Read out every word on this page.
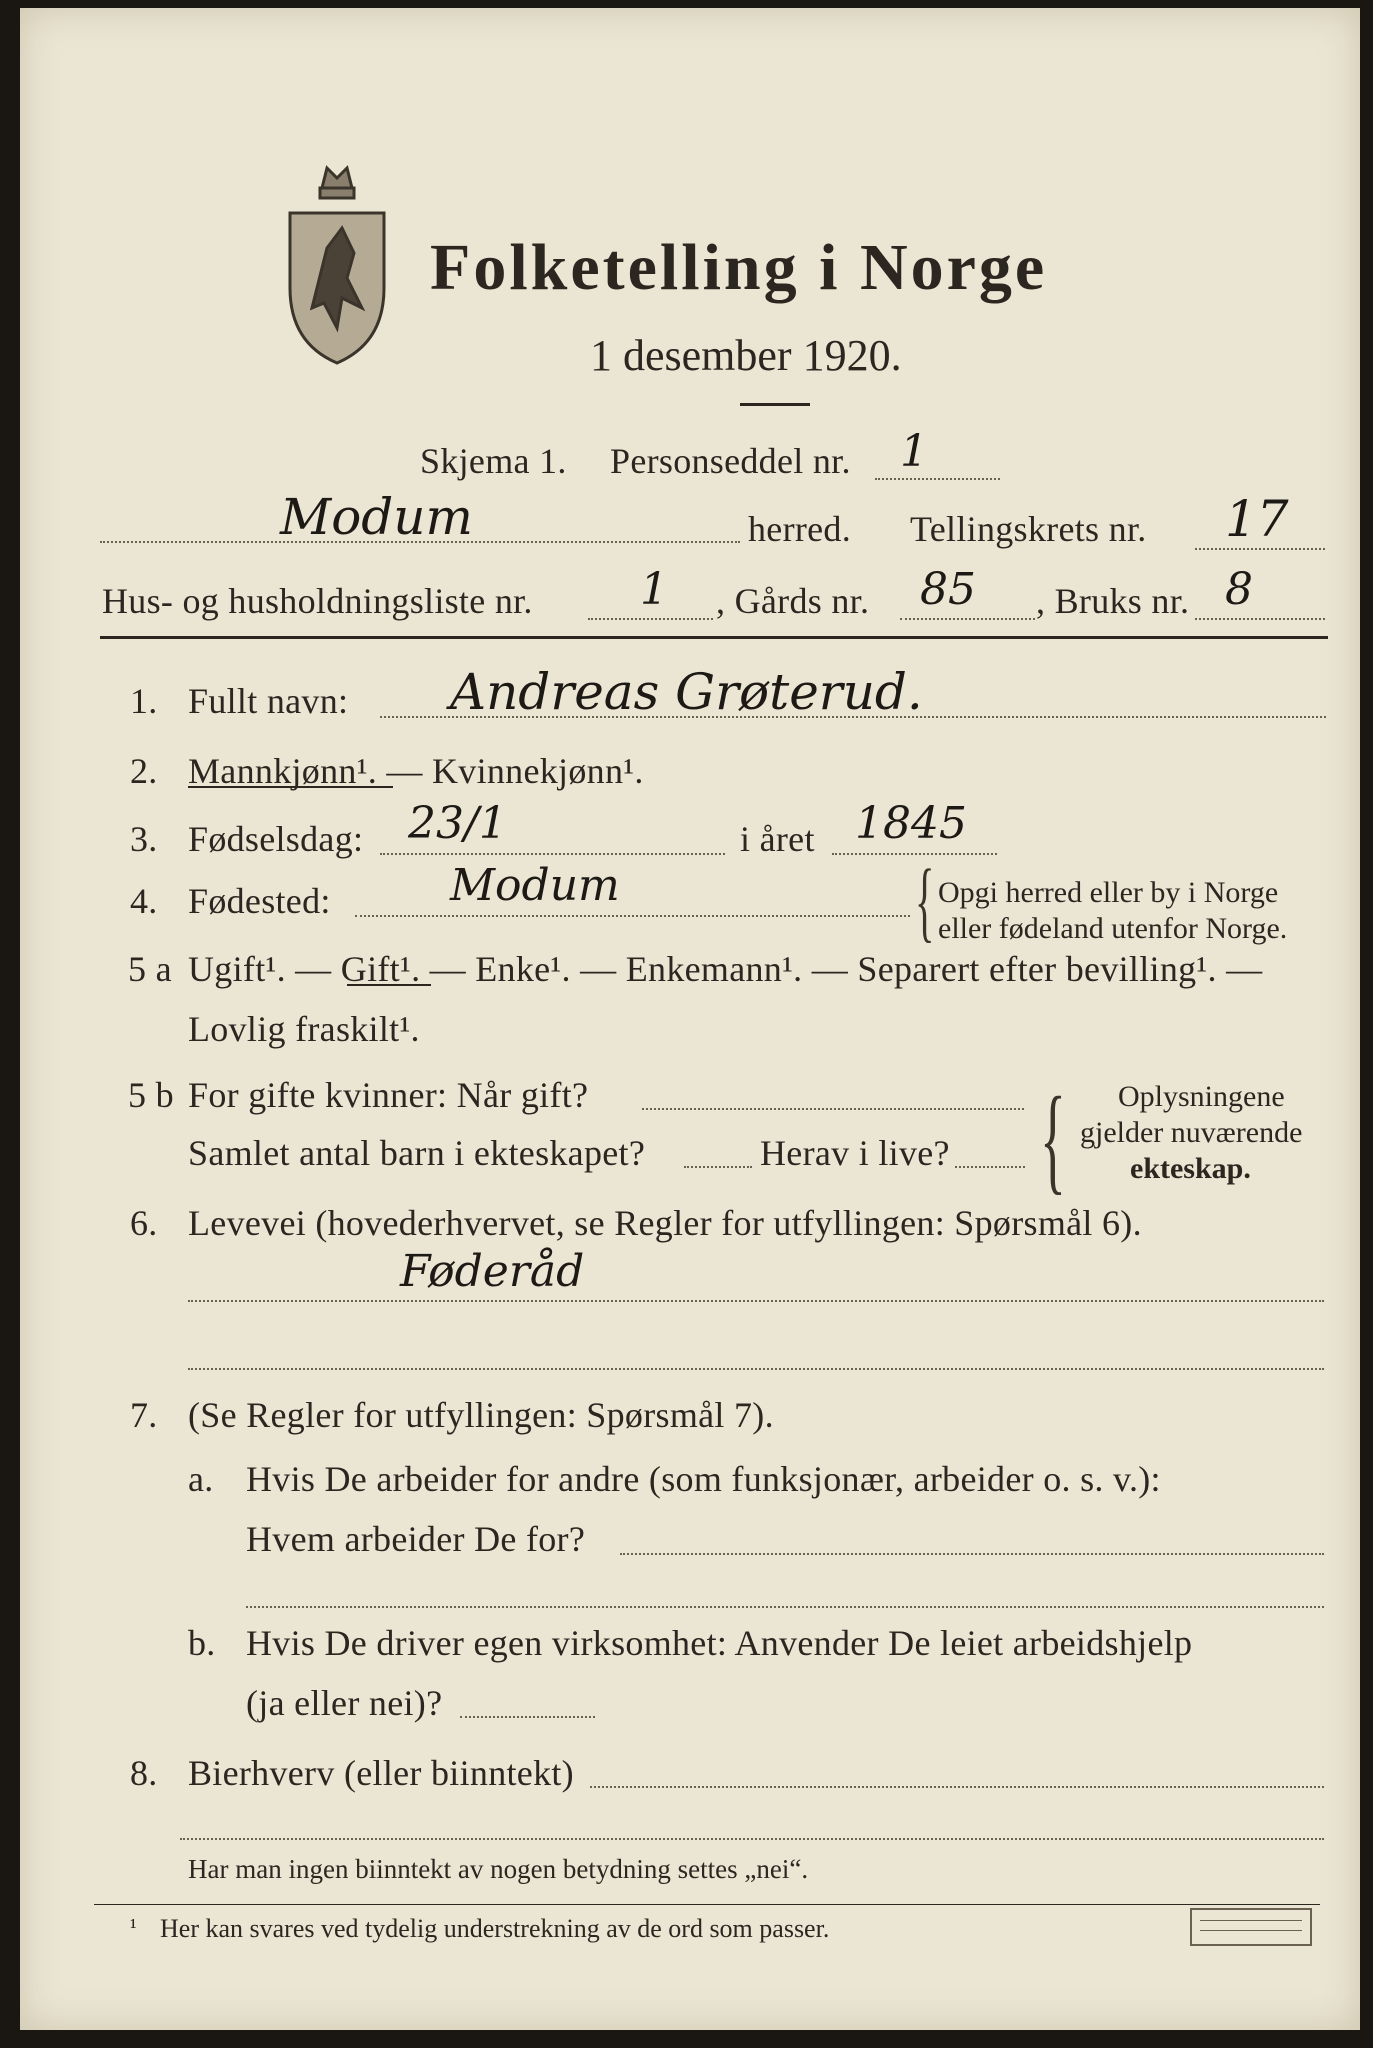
Folketelling i Norge
1 desember 1920.
Skjema 1. Personseddel nr. 1
Modum	herred. Tellingskrets nr. 17
Hus- og husholdningsliste nr. 1 , Gårds nr. 85 , Bruks nr. 8
1. Fullt navn: Andreas Grøterud.
2. Mannkjønn¹. — Kvinnekjønn¹.
3. Fødselsdag: 23/1	i året 1845
4. Fødested:	Modum	{ Opgi herred eller by i Norge
eller fødeland utenfor Norge.
5 a Ugift¹. — Gift¹. — Enke¹. — Enkemann¹. — Separert efter bevilling¹. —
Lovlig fraskilt¹.
5 b For gifte kvinner: Når gift?
Samlet antal barn i ekteskapet?	Herav i live? { Oplysningene
gjelder nuværende
ekteskap.
6. Levevei (hovederhvervet, se Regler for utfyllingen: Spørsmål 6).
Føderåd
7. (Se Regler for utfyllingen: Spørsmål 7).
a. Hvis De arbeider for andre (som funksjonær, arbeider o. s. v.):
Hvem arbeider De for?
b. Hvis De driver egen virksomhet: Anvender De leiet arbeidshjelp
(ja eller nei)?
8. Bierhverv (eller biinntekt)
Har man ingen biinntekt av nogen betydning settes „nei“.
¹ Her kan svares ved tydelig understrekning av de ord som passer.
